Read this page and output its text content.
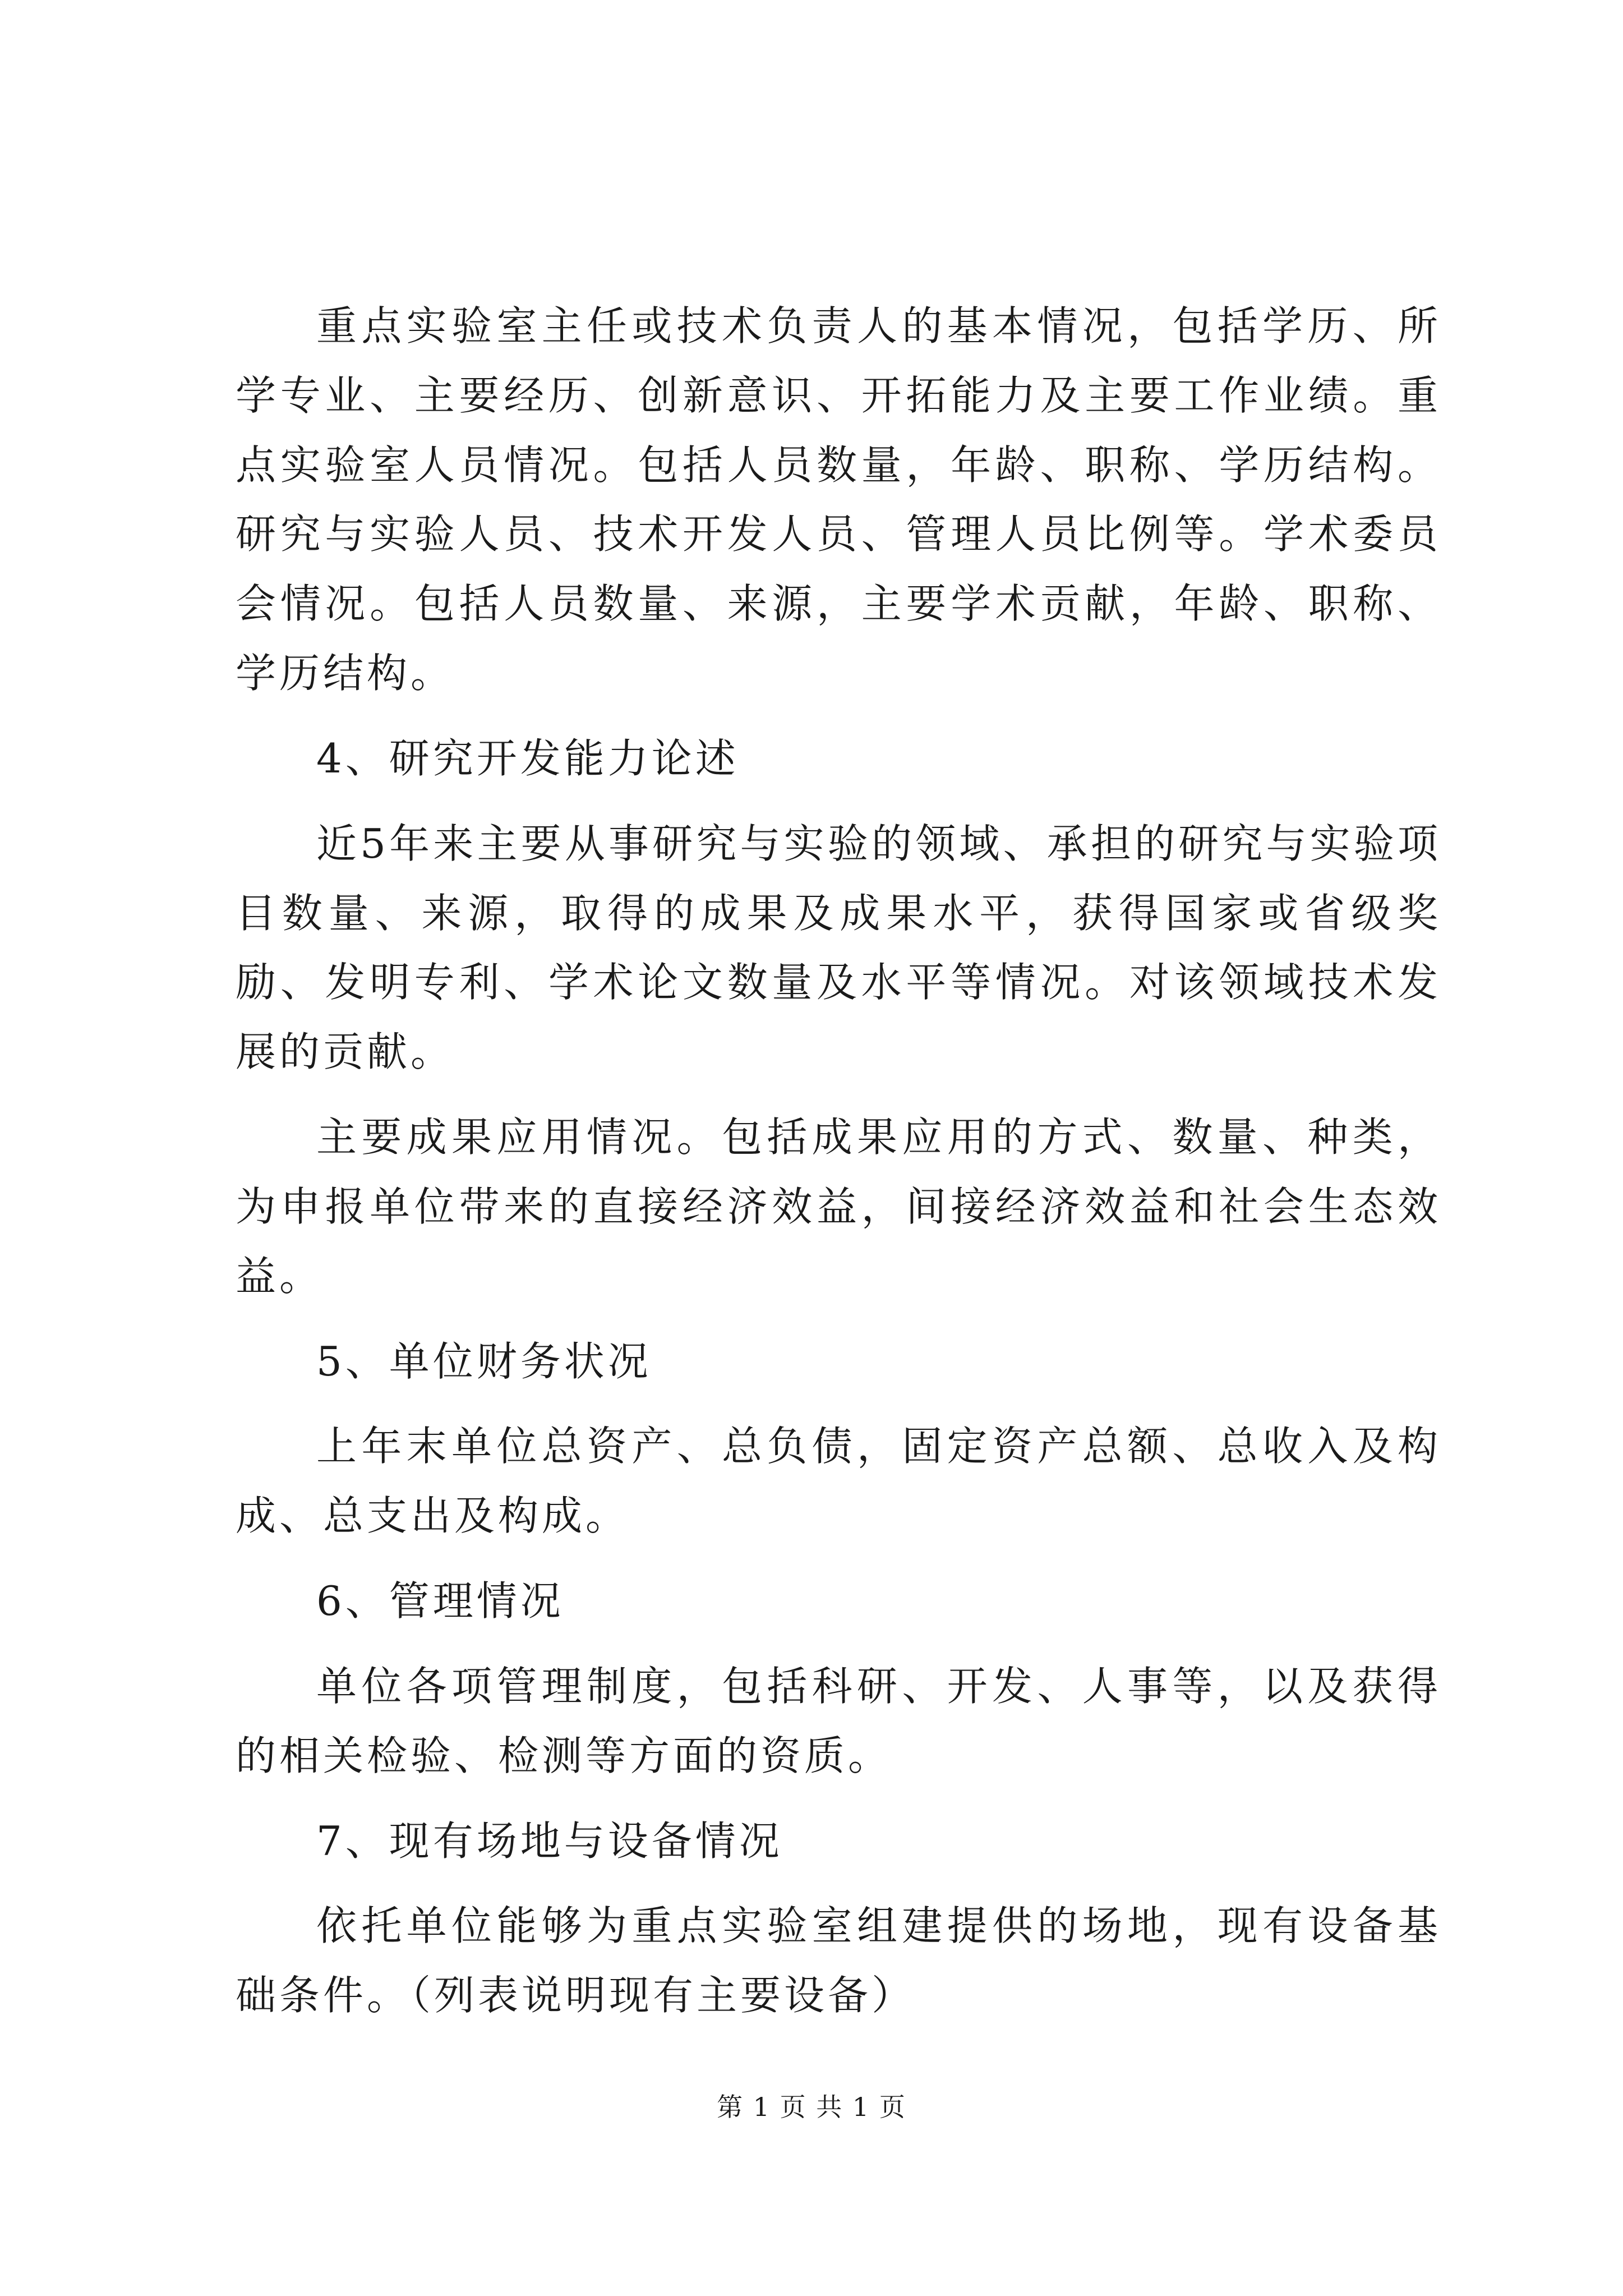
重点实验室主任或技术负责人的基本情况，包括学历、所学专业、主要经历、创新意识、开拓能力及主要工作业绩。重点实验室人员情况。包括人员数量，年龄、职称、学历结构。研究与实验人员、技术开发人员、管理人员比例等。学术委员会情况。包括人员数量、来源，主要学术贡献，年龄、职称、学历结构。

4、研究开发能力论述

近5年来主要从事研究与实验的领域、承担的研究与实验项目数量、来源，取得的成果及成果水平，获得国家或省级奖励、发明专利、学术论文数量及水平等情况。对该领域技术发展的贡献。

主要成果应用情况。包括成果应用的方式、数量、种类，为申报单位带来的直接经济效益，间接经济效益和社会生态效益。

5、单位财务状况

上年末单位总资产、总负债，固定资产总额、总收入及构成、总支出及构成。

6、管理情况

单位各项管理制度，包括科研、开发、人事等，以及获得的相关检验、检测等方面的资质。

7、现有场地与设备情况

依托单位能够为重点实验室组建提供的场地，现有设备基础条件。（列表说明现有主要设备）

第 1 页 共 1 页
